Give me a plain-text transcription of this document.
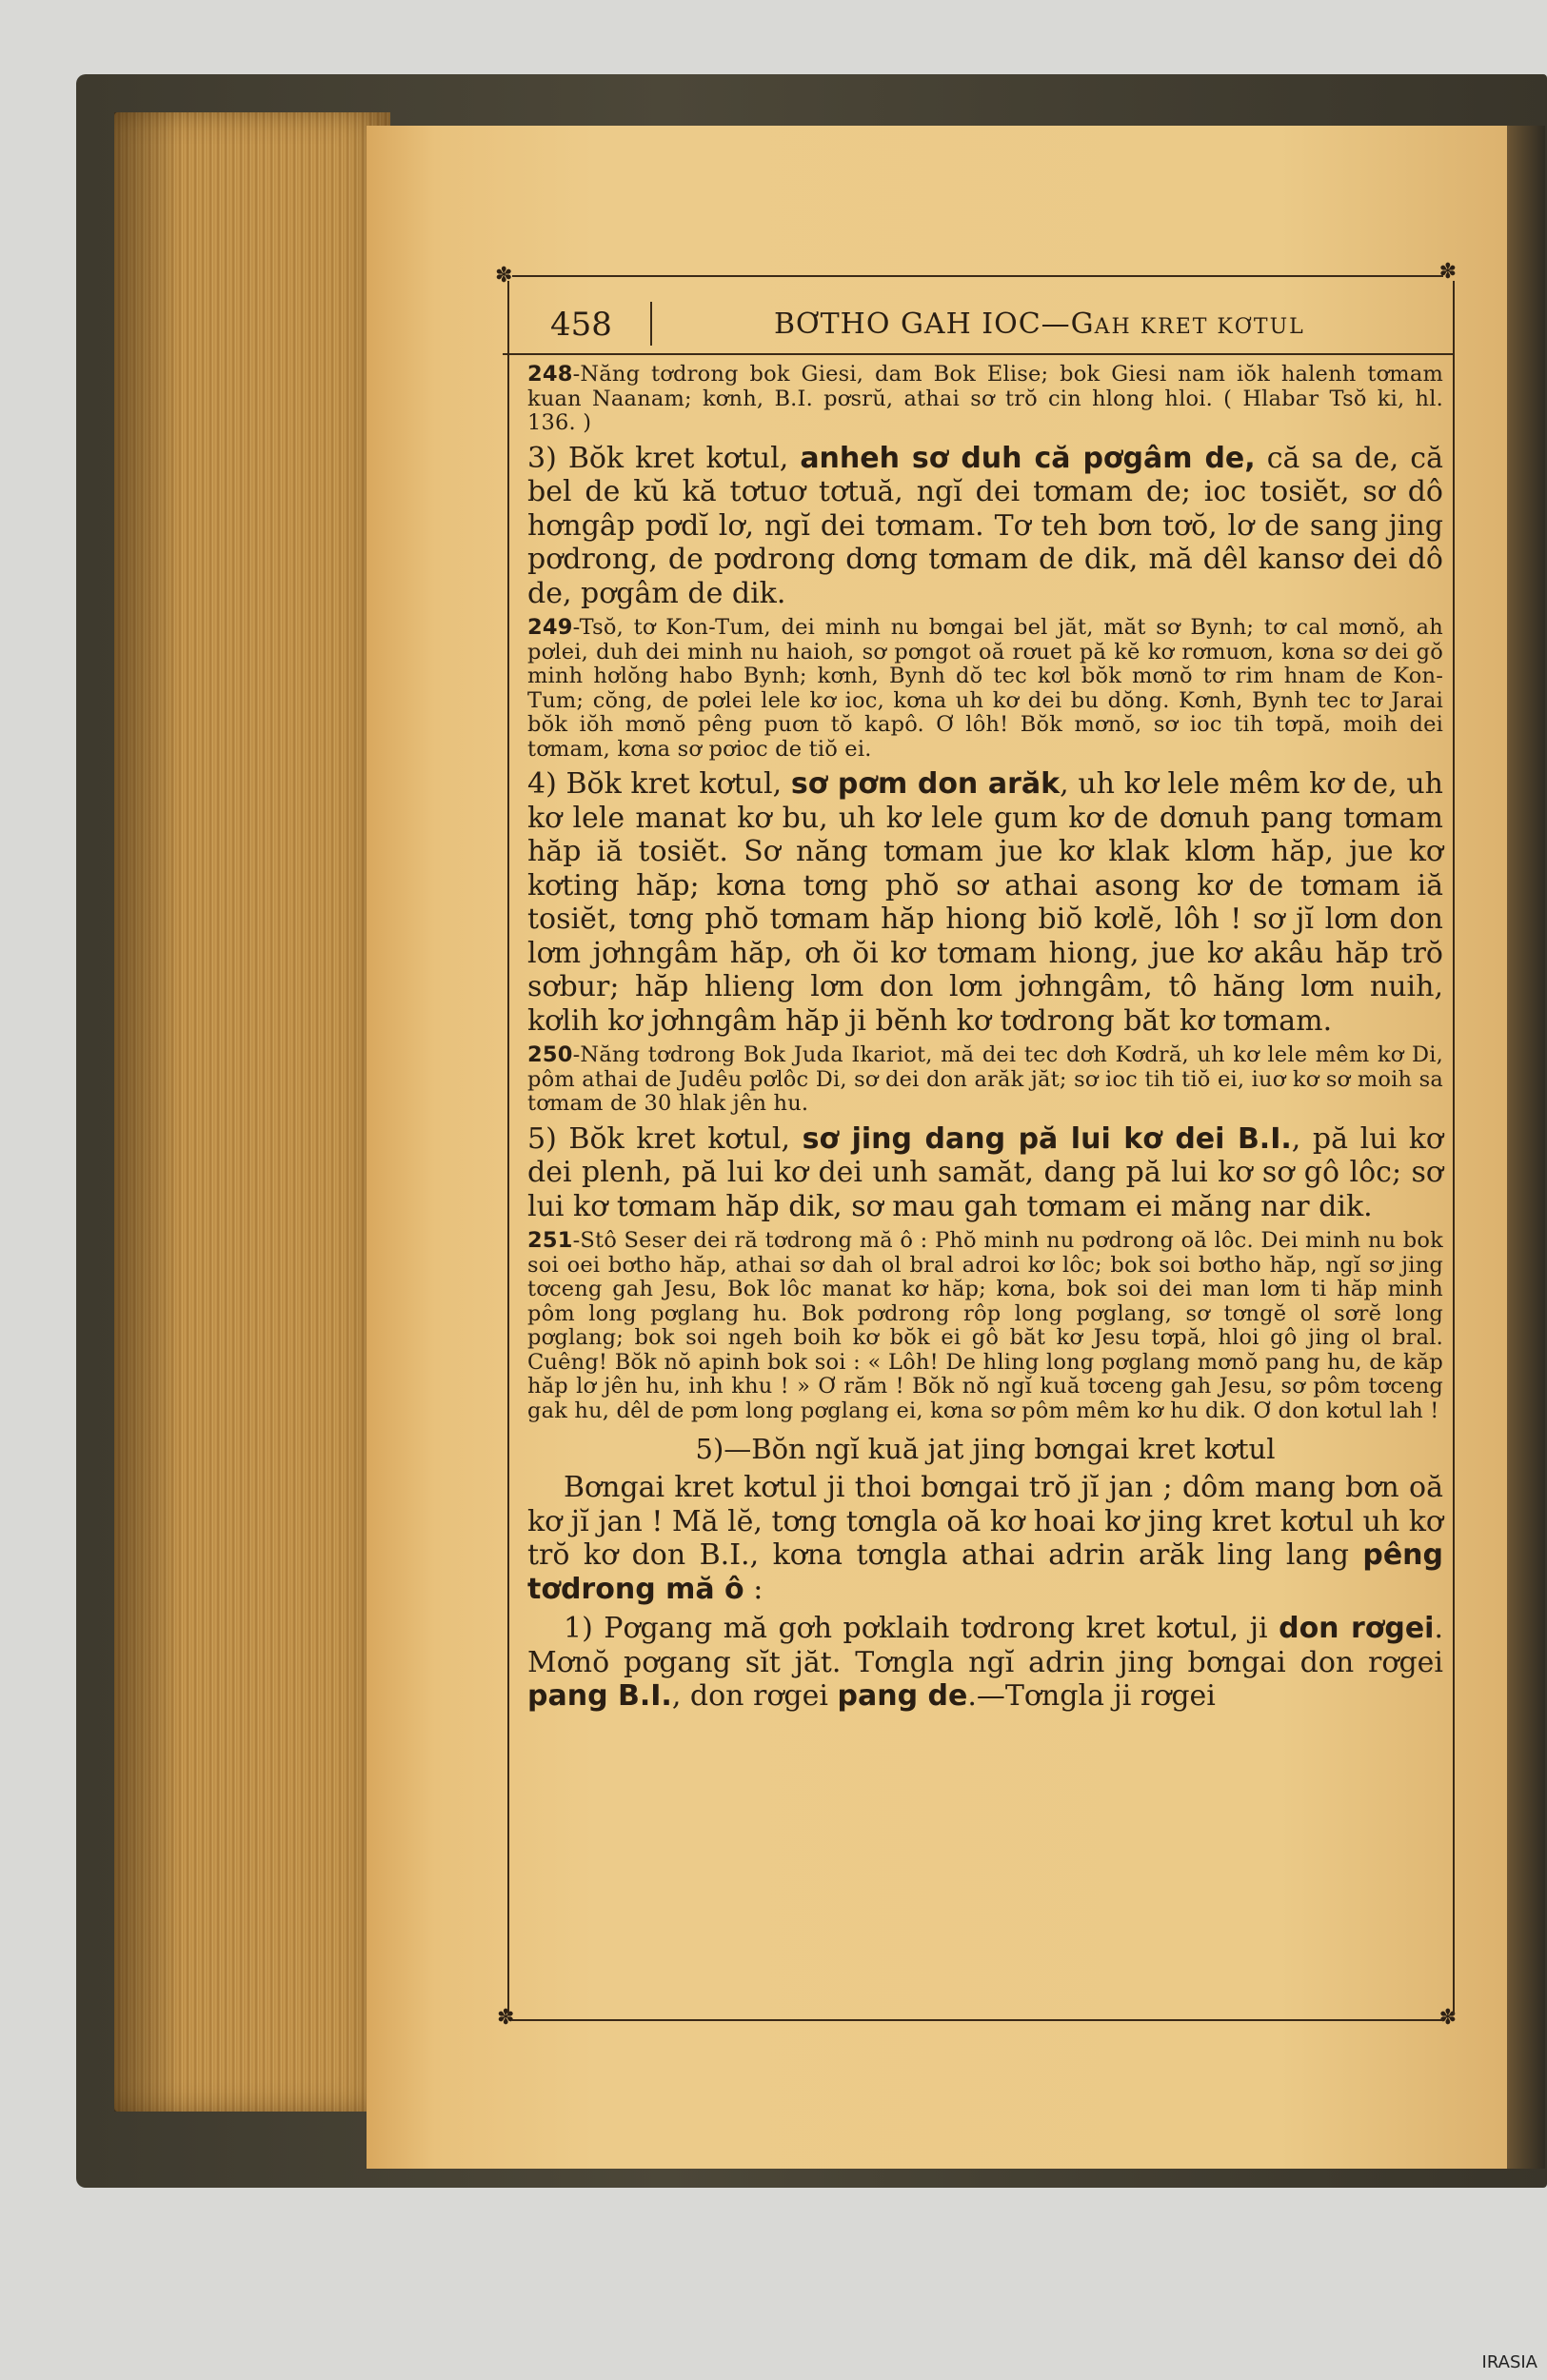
✽	✽
✽	✽
458	BƠTHO GAH IOC—GAH KRET KƠTUL

248-Năng tơdrong bok Giesi, dam Bok Elise; bok Giesi nam iŏk halenh tơmam kuan Naanam; kơnh, B.I. pơsrŭ, athai sơ trŏ cin hlong hloi. ( Hlabar Tsŏ ki, hl. 136. )

3) Bŏk kret kơtul, anheh sơ duh că pơgâm de, că sa de, că bel de kŭ kă tơtuơ tơtuă, ngĭ dei tơmam de; ioc tosiĕt, sơ dô hơngâp pơdĭ lơ, ngĭ dei tơmam. Tơ teh bơn tơŏ, lơ de sang jing pơdrong, de pơdrong dơng tơmam de dik, mă dêl kansơ dei dô de, pơgâm de dik.

249-Tsŏ, tơ Kon-Tum, dei minh nu bơngai bel jăt, măt sơ Bynh; tơ cal mơnŏ, ah pơlei, duh dei minh nu haioh, sơ pơngot oă rơuet pă kĕ kơ rơmuơn, kơna sơ dei gŏ minh hơlŏng habo Bynh; kơnh, Bynh dŏ tec kơl bŏk mơnŏ tơ rim hnam de Kon-Tum; cŏng, de pơlei lele kơ ioc, kơna uh kơ dei bu dŏng. Kơnh, Bynh tec tơ Jarai bŏk iŏh mơnŏ pêng puơn tŏ kapô. Ơ lôh! Bŏk mơnŏ, sơ ioc tih tơpă, moih dei tơmam, kơna sơ pơioc de tiŏ ei.

4) Bŏk kret kơtul, sơ pơm don arăk, uh kơ lele mêm kơ de, uh kơ lele manat kơ bu, uh kơ lele gum kơ de dơnuh pang tơmam hăp iă tosiĕt. Sơ năng tơmam jue kơ klak klơm hăp, jue kơ kơting hăp; kơna tơng phŏ sơ athai asong kơ de tơmam iă tosiĕt, tơng phŏ tơmam hăp hiong biŏ kơlĕ, lôh ! sơ jĭ lơm don lơm jơhngâm hăp, ơh ŏi kơ tơmam hiong, jue kơ akâu hăp trŏ sơbur; hăp hlieng lơm don lơm jơhngâm, tô hăng lơm nuih, kơlih kơ jơhngâm hăp ji bĕnh kơ tơdrong băt kơ tơmam.

250-Năng tơdrong Bok Juda Ikariot, mă dei tec dơh Kơdră, uh kơ lele mêm kơ Di, pôm athai de Judêu pơlôc Di, sơ dei don arăk jăt; sơ ioc tih tiŏ ei, iuơ kơ sơ moih sa tơmam de 30 hlak jên hu.

5) Bŏk kret kơtul, sơ jing dang pă lui kơ dei B.I., pă lui kơ dei plenh, pă lui kơ dei unh samăt, dang pă lui kơ sơ gô lôc; sơ lui kơ tơmam hăp dik, sơ mau gah tơmam ei măng nar dik.

251-Stô Seser dei ră tơdrong mă ô : Phŏ minh nu pơdrong oă lôc. Dei minh nu bok soi oei bơtho hăp, athai sơ dah ol bral adroi kơ lôc; bok soi bơtho hăp, ngĭ sơ jing tơceng gah Jesu, Bok lôc manat kơ hăp; kơna, bok soi dei man lơm ti hăp minh pôm long pơglang hu. Bok pơdrong rôp long pơglang, sơ tơngĕ ol sơrĕ long pơglang; bok soi ngeh boih kơ bŏk ei gô băt kơ Jesu tơpă, hloi gô jing ol bral. Cuêng! Bŏk nŏ apinh bok soi : « Lôh! De hling long pơglang mơnŏ pang hu, de kăp hăp lơ jên hu, inh khu ! » Ơ răm ! Bŏk nŏ ngĭ kuă tơceng gah Jesu, sơ pôm tơceng gak hu, dêl de pơm long pơglang ei, kơna sơ pôm mêm kơ hu dik. Ơ don kơtul lah !

5)—Bŏn ngĭ kuă jat jing bơngai kret kơtul

Bơngai kret kơtul ji thoi bơngai trŏ jĭ jan ; dôm mang bơn oă kơ jĭ jan ! Mă lĕ, tơng tơngla oă kơ hoai kơ jing kret kơtul uh kơ trŏ kơ don B.I., kơna tơngla athai adrin arăk ling lang pêng tơdrong mă ô :

1) Pơgang mă gơh pơklaih tơdrong kret kơtul, ji don rơgei. Mơnŏ pơgang sĭt jăt. Tơngla ngĭ adrin jing bơngai don rơgei pang B.I., don rơgei pang de.—Tơngla ji rơgei

IRASIA
